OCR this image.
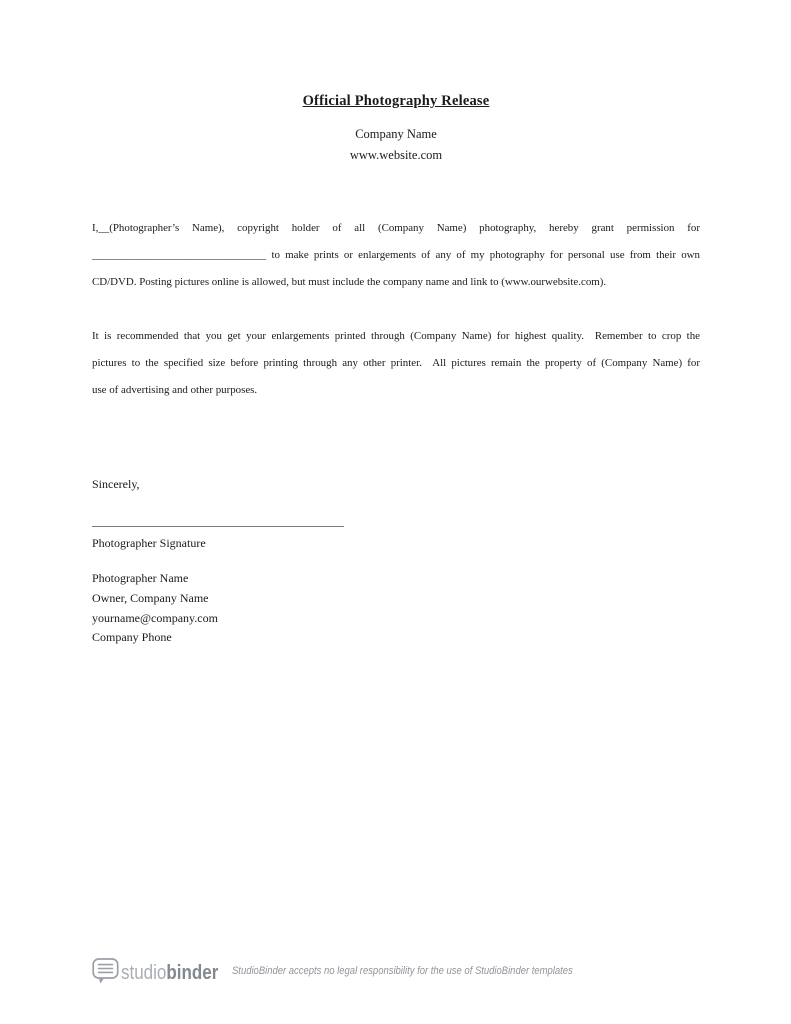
Official Photography Release
Company Name
www.website.com
I,__(Photographer’s Name), copyright holder of all (Company Name) photography, hereby grant permission for
________________________________ to make prints or enlargements of any of my photography for personal use from their own
CD/DVD. Posting pictures online is allowed, but must include the company name and link to (www.ourwebsite.com).
It is recommended that you get your enlargements printed through (Company Name) for highest quality.  Remember to crop the
pictures to the specified size before printing through any other printer.  All pictures remain the property of (Company Name) for
use of advertising and other purposes.
Sincerely,
__________________________________________
Photographer Signature
Photographer Name
Owner, Company Name
yourname@company.com
Company Phone
studiobinder StudioBinder accepts no legal responsibility for the use of StudioBinder templates
